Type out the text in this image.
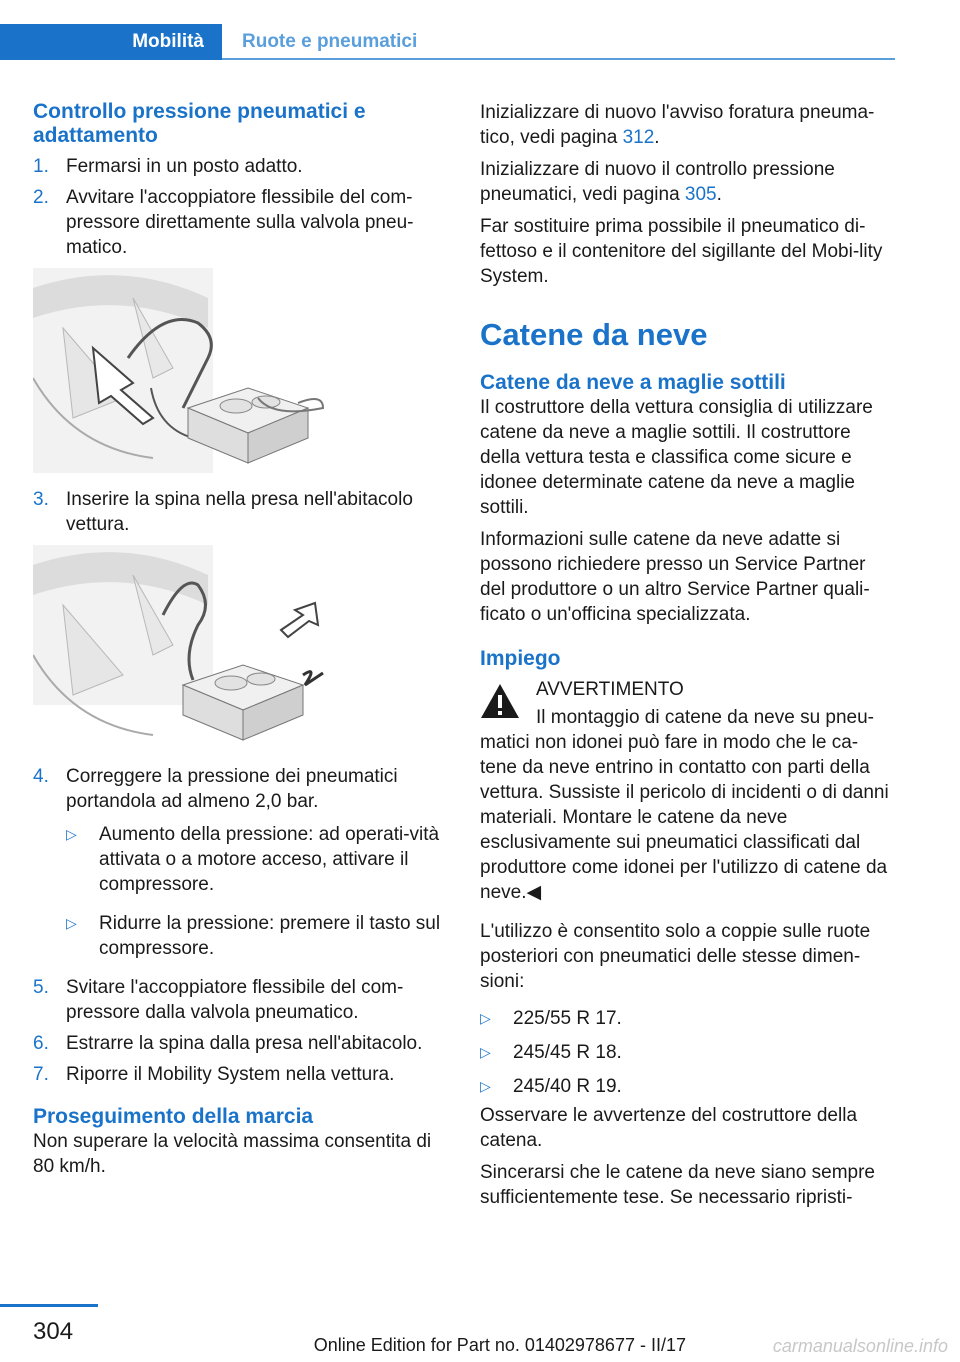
Mobilità	Ruote e pneumatici
Controllo pressione pneumatici e adattamento
1. Fermarsi in un posto adatto.
2. Avvitare l'accoppiatore flessibile del com‐pressore direttamente sulla valvola pneu‐matico.
3. Inserire la spina nella presa nell'abitacolo vettura.
4. Correggere la pressione dei pneumatici portandola ad almeno 2,0 bar.
▷ Aumento della pressione: ad operati‐vità attivata o a motore acceso, attivare il compressore.
▷ Ridurre la pressione: premere il tasto sul compressore.
5. Svitare l'accoppiatore flessibile del com‐pressore dalla valvola pneumatico.
6. Estrarre la spina dalla presa nell'abitacolo.
7. Riporre il Mobility System nella vettura.
Proseguimento della marcia

Non superare la velocità massima consentita di 80 km/h.

Inizializzare di nuovo l'avviso foratura pneuma‐tico, vedi pagina 312.

Inizializzare di nuovo il controllo pressione pneumatici, vedi pagina 305.

Far sostituire prima possibile il pneumatico di‐fettoso e il contenitore del sigillante del Mobi‐lity System.

Catene da neve
Catene da neve a maglie sottili

Il costruttore della vettura consiglia di utilizzare catene da neve a maglie sottili. Il costruttore della vettura testa e classifica come sicure e idonee determinate catene da neve a maglie sottili.

Informazioni sulle catene da neve adatte si possono richiedere presso un Service Partner del produttore o un altro Service Partner quali‐ficato o un'officina specializzata.

Impiego
AVVERTIMENTO
Il montaggio di catene da neve su pneu‐
matici non idonei può fare in modo che le ca‐tene da neve entrino in contatto con parti della vettura. Sussiste il pericolo di incidenti o di danni materiali. Montare le catene da neve esclusivamente sui pneumatici classificati dal produttore come idonei per l'utilizzo di catene da neve.◀

L'utilizzo è consentito solo a coppie sulle ruote posteriori con pneumatici delle stesse dimen‐sioni:

▷ 225/55 R 17.
▷ 245/45 R 18.
▷ 245/40 R 19.

Osservare le avvertenze del costruttore della catena.

Sincerarsi che le catene da neve siano sempre sufficientemente tese. Se necessario ripristi‐

304	Online Edition for Part no. 01402978677 - II/17	carmanualsonline.info
